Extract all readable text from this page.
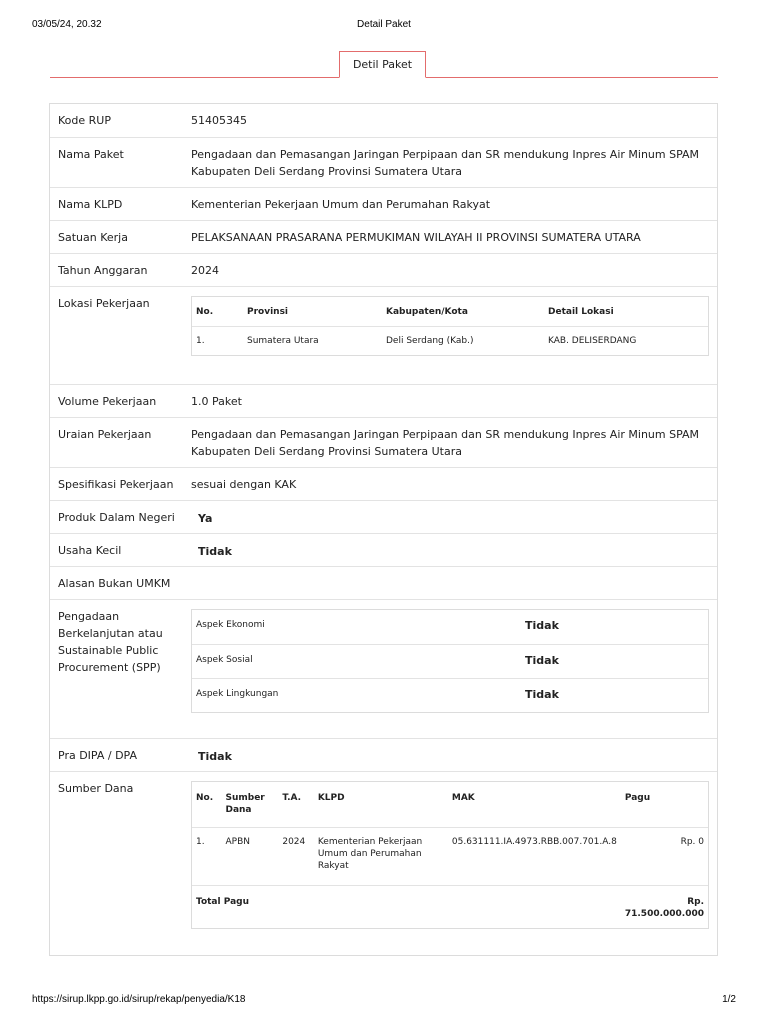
03/05/24, 20.32	Detail Paket
Detil Paket
Kode RUP	51405345
Nama Paket	Pengadaan dan Pemasangan Jaringan Perpipaan dan SR mendukung Inpres Air Minum SPAM Kabupaten Deli Serdang Provinsi Sumatera Utara
Nama KLPD	Kementerian Pekerjaan Umum dan Perumahan Rakyat
Satuan Kerja	PELAKSANAAN PRASARANA PERMUKIMAN WILAYAH II PROVINSI SUMATERA UTARA
Tahun Anggaran	2024
Lokasi Pekerjaan
No.	Provinsi	Kabupaten/Kota	Detail Lokasi
1.	Sumatera Utara	Deli Serdang (Kab.)	KAB. DELISERDANG
Volume Pekerjaan	1.0 Paket
Uraian Pekerjaan	Pengadaan dan Pemasangan Jaringan Perpipaan dan SR mendukung Inpres Air Minum SPAM Kabupaten Deli Serdang Provinsi Sumatera Utara
Spesifikasi Pekerjaan	sesuai dengan KAK
Produk Dalam Negeri	Ya
Usaha Kecil	Tidak
Alasan Bukan UMKM
Pengadaan Berkelanjutan atau Sustainable Public Procurement (SPP)
Aspek Ekonomi	Tidak
Aspek Sosial	Tidak
Aspek Lingkungan	Tidak
Pra DIPA / DPA	Tidak
Sumber Dana
No.	Sumber Dana	T.A.	KLPD	MAK	Pagu
1.	APBN	2024	Kementerian Pekerjaan Umum dan Perumahan Rakyat	05.631111.IA.4973.RBB.007.701.A.8	Rp. 0
Total Pagu					Rp. 71.500.000.000
https://sirup.lkpp.go.id/sirup/rekap/penyedia/K18	1/2
